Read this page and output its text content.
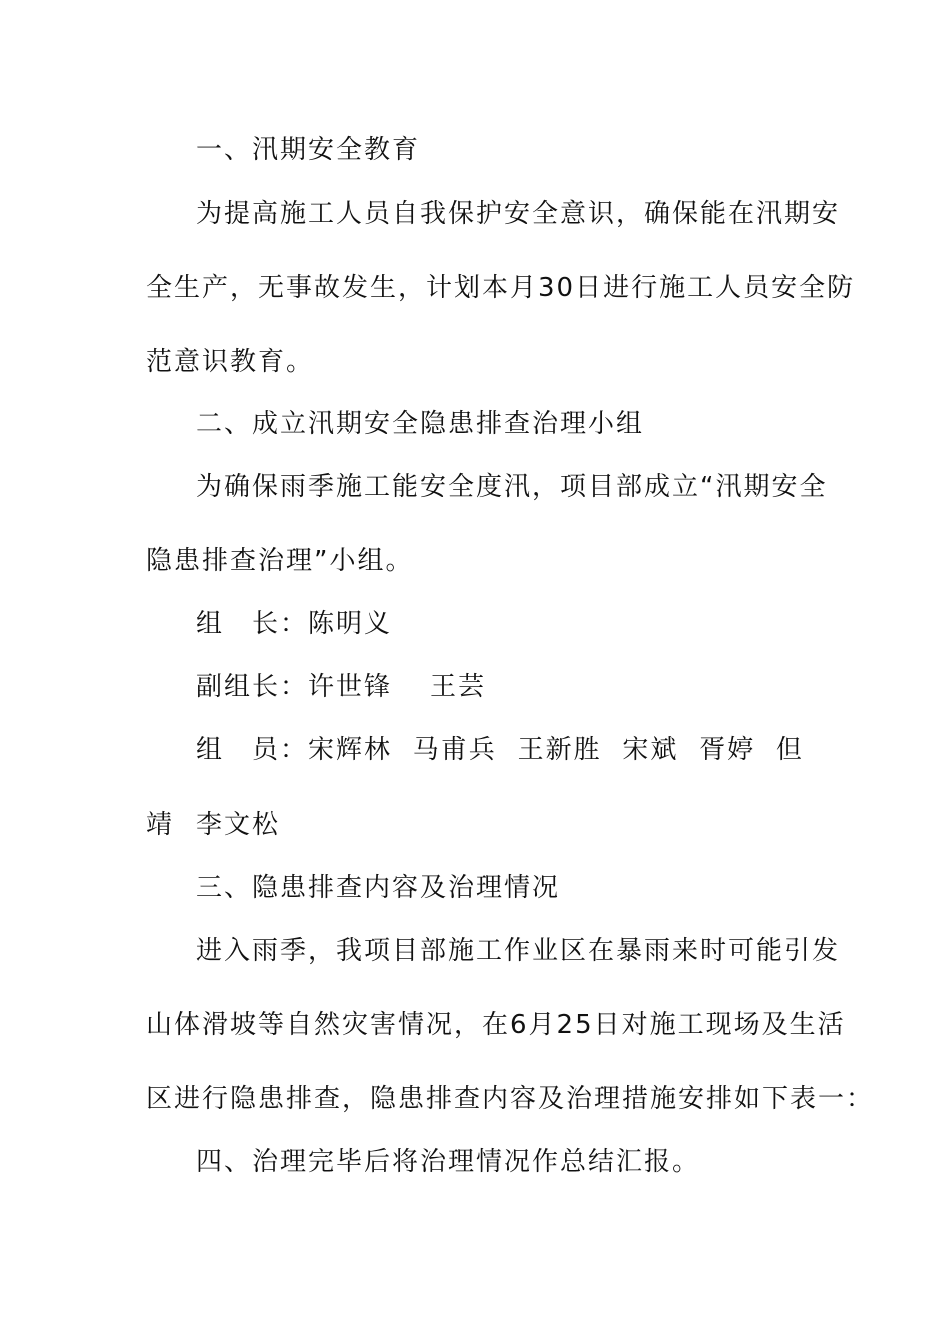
一、汛期安全教育
为提高施工人员自我保护安全意识，确保能在汛期安
全生产，无事故发生，计划本月30日进行施工人员安全防
范意识教育。
二、成立汛期安全隐患排查治理小组
为确保雨季施工能安全度汛，项目部成立“汛期安全
隐患排查治理”小组。
组　长：陈明义
副组长：许世锋 王芸
组　员：宋辉林 马甫兵 王新胜 宋斌 胥婷 但
靖 李文松
三、隐患排查内容及治理情况
进入雨季，我项目部施工作业区在暴雨来时可能引发
山体滑坡等自然灾害情况，在6月25日对施工现场及生活
区进行隐患排查，隐患排查内容及治理措施安排如下表一：
四、治理完毕后将治理情况作总结汇报。
